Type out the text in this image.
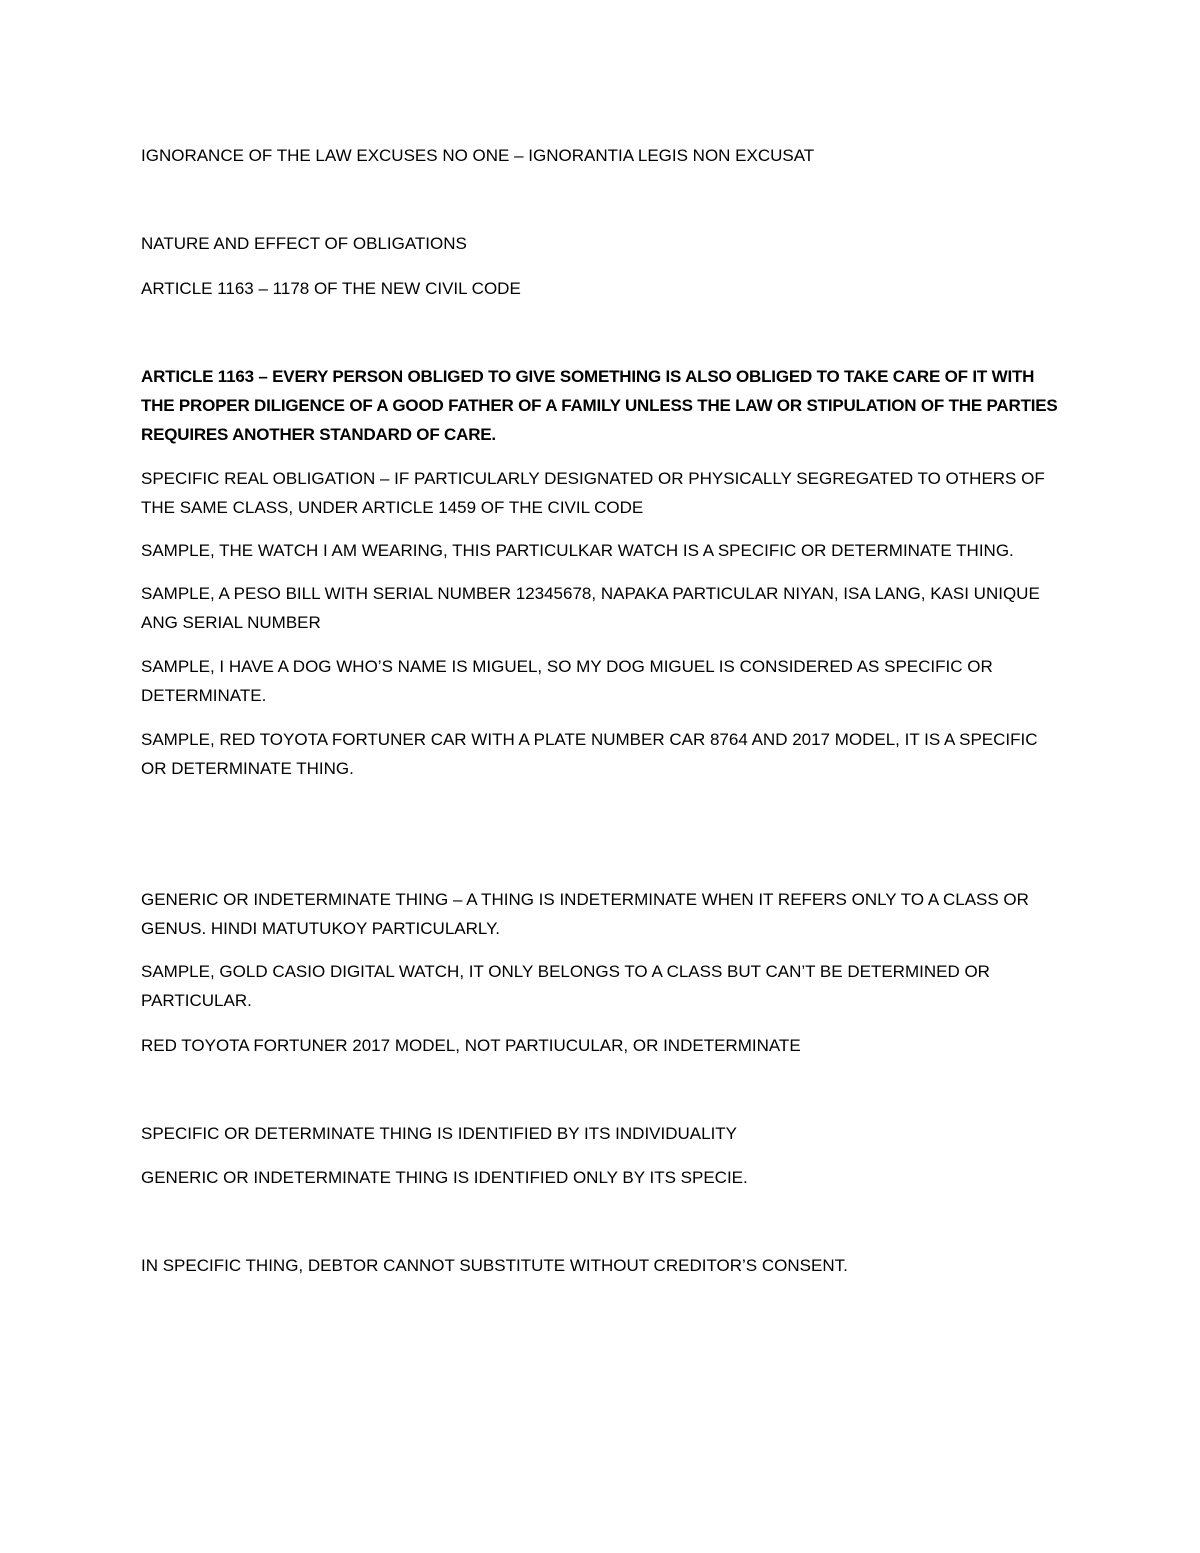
IGNORANCE OF THE LAW EXCUSES NO ONE – IGNORANTIA LEGIS NON EXCUSAT

NATURE AND EFFECT OF OBLIGATIONS

ARTICLE 1163 – 1178 OF THE NEW CIVIL CODE

ARTICLE 1163 – EVERY PERSON OBLIGED TO GIVE SOMETHING IS ALSO OBLIGED TO TAKE CARE OF IT WITH THE PROPER DILIGENCE OF A GOOD FATHER OF A FAMILY UNLESS THE LAW OR STIPULATION OF THE PARTIES REQUIRES ANOTHER STANDARD OF CARE.

SPECIFIC REAL OBLIGATION – IF PARTICULARLY DESIGNATED OR PHYSICALLY SEGREGATED TO OTHERS OF THE SAME CLASS, UNDER ARTICLE 1459 OF THE CIVIL CODE

SAMPLE, THE WATCH I AM WEARING, THIS PARTICULKAR WATCH IS A SPECIFIC OR DETERMINATE THING.

SAMPLE, A PESO BILL WITH SERIAL NUMBER 12345678, NAPAKA PARTICULAR NIYAN, ISA LANG, KASI UNIQUE ANG SERIAL NUMBER

SAMPLE, I HAVE A DOG WHO’S NAME IS MIGUEL, SO MY DOG MIGUEL IS CONSIDERED AS SPECIFIC OR DETERMINATE.

SAMPLE, RED TOYOTA FORTUNER CAR WITH A PLATE NUMBER CAR 8764 AND 2017 MODEL, IT IS A SPECIFIC OR DETERMINATE THING.

GENERIC OR INDETERMINATE THING – A THING IS INDETERMINATE WHEN IT REFERS ONLY TO A CLASS OR GENUS. HINDI MATUTUKOY PARTICULARLY.

SAMPLE, GOLD CASIO DIGITAL WATCH, IT ONLY BELONGS TO A CLASS BUT CAN’T BE DETERMINED OR PARTICULAR.

RED TOYOTA FORTUNER 2017 MODEL, NOT PARTIUCULAR, OR INDETERMINATE

SPECIFIC OR DETERMINATE THING IS IDENTIFIED BY ITS INDIVIDUALITY

GENERIC OR INDETERMINATE THING IS IDENTIFIED ONLY BY ITS SPECIE.

IN SPECIFIC THING, DEBTOR CANNOT SUBSTITUTE WITHOUT CREDITOR’S CONSENT.
